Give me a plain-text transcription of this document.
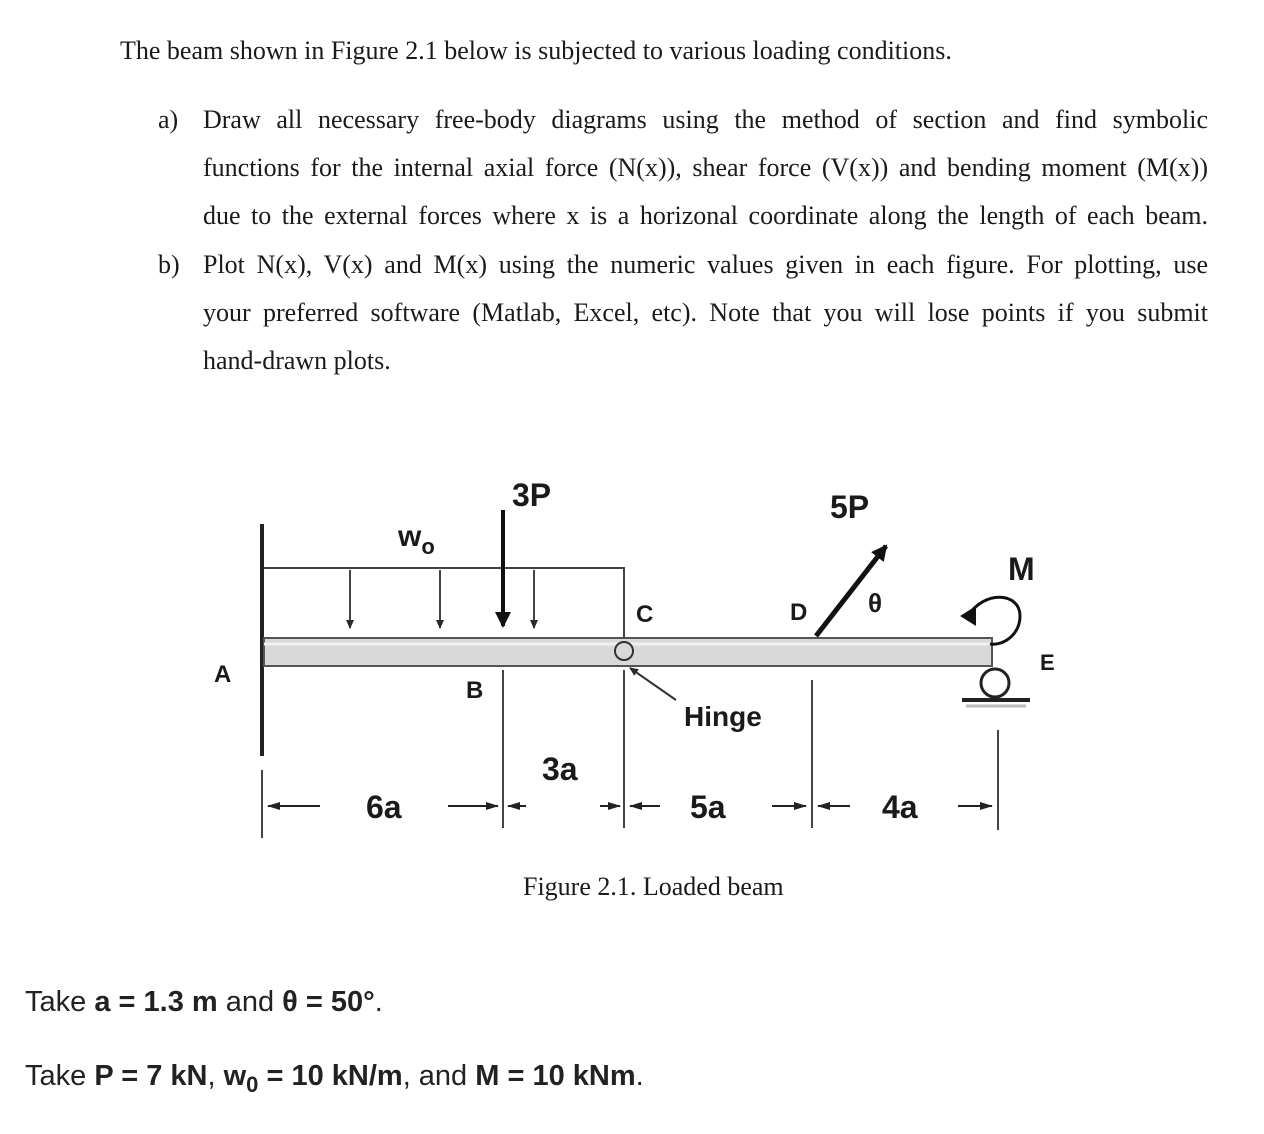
The beam shown in Figure 2.1 below is subjected to various loading conditions.
a) Draw all necessary free-body diagrams using the method of section and find symbolic
functions for the internal axial force (N(x)), shear force (V(x)) and bending moment (M(x))
due to the external forces where x is a horizonal coordinate along the length of each beam.
b) Plot N(x), V(x) and M(x) using the numeric values given in each figure. For plotting, use
your preferred software (Matlab, Excel, etc). Note that you will lose points if you submit
hand-drawn plots.
$w_o$
3P
C
Hinge
5P
D θ
M
E
A
B
6a
3a
5a	4a
Figure 2.1. Loaded beam
Take a = 1.3 m and θ = 50°.
Take P = 7 kN, $w_0 = 10$ kN/m, and M = 10 kNm.
